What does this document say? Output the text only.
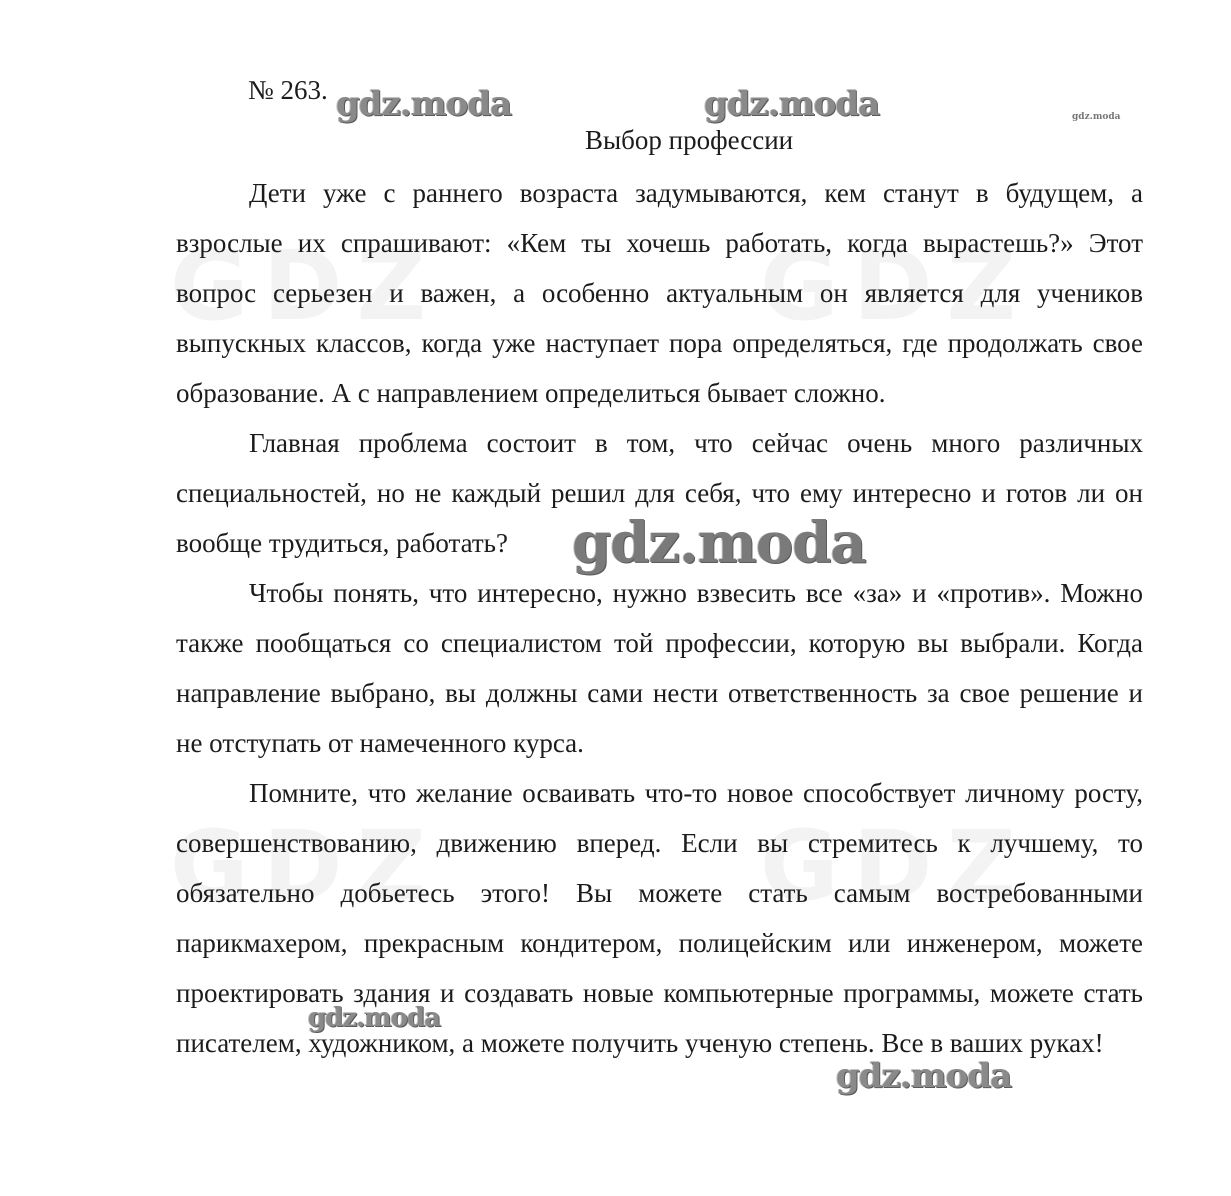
GDZ	GDZ
GDZ	GDZ
№ 263.
Выбор профессии

Дети уже с раннего возраста задумываются, кем станут в будущем, а взрослые их спрашивают: «Кем ты хочешь работать, когда вырастешь?» Этот вопрос серьезен и важен, а особенно актуальным он является для учеников выпускных классов, когда уже наступает пора определяться, где продолжать свое образование. А с направлением определиться бывает сложно.

Главная проблема состоит в том, что сейчас очень много различных специальностей, но не каждый решил для себя, что ему интересно и готов ли он вообще трудиться, работать?

Чтобы понять, что интересно, нужно взвесить все «за» и «против». Можно также пообщаться со специалистом той профессии, которую вы выбрали. Когда направление выбрано, вы должны сами нести ответственность за свое решение и не отступать от намеченного курса.

Помните, что желание осваивать что-то новое способствует личному росту, совершенствованию, движению вперед. Если вы стремитесь к лучшему, то обязательно добьетесь этого! Вы можете стать самым востребованными парикмахером, прекрасным кондитером, полицейским или инженером, можете проектировать здания и создавать новые компьютерные программы, можете стать писателем, художником, а можете получить ученую степень. Все в ваших руках!

gdz.moda	gdz.moda	gdz.moda
gdz.moda
gdz.moda
gdz.moda
